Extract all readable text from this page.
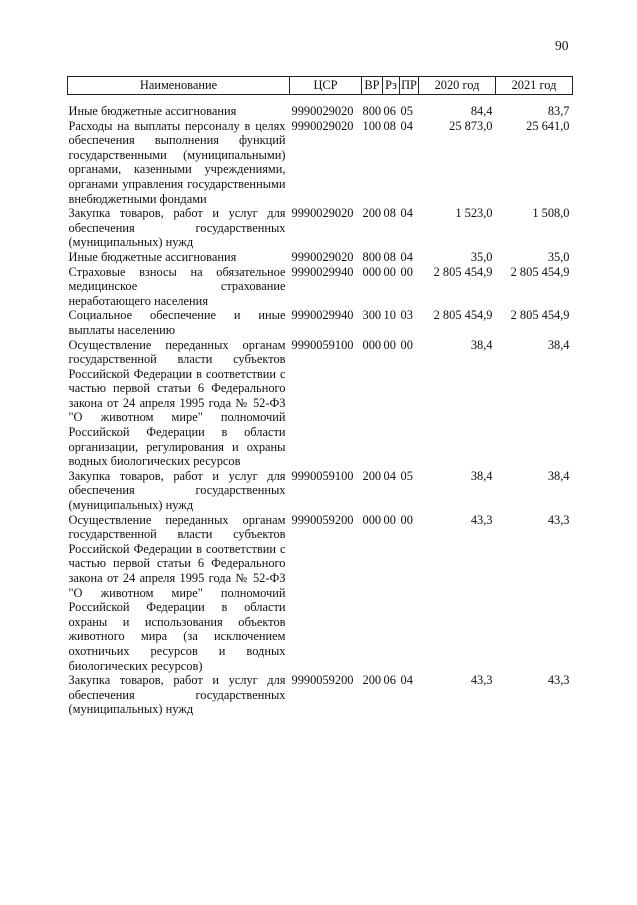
90
Наименование	ЦСР	ВР	Рз	ПР	2020 год	2021 год

Иные бюджетные ассигнования	9990029020	800	06	05	84,4	83,7
Расходы на выплаты персоналу в целях обеспечения выполнения функций государственными (муниципальными) органами, казенными учреждениями, органами управления государственными внебюджетными фондами	9990029020	100	08	04	25 873,0	25 641,0
Закупка товаров, работ и услуг для обеспечения государственных (муниципальных) нужд	9990029020	200	08	04	1 523,0	1 508,0
Иные бюджетные ассигнования	9990029020	800	08	04	35,0	35,0
Страховые взносы на обязательное медицинское страхование неработающего населения	9990029940	000	00	00	2 805 454,9	2 805 454,9
Социальное обеспечение и иные выплаты населению	9990029940	300	10	03	2 805 454,9	2 805 454,9
Осуществление переданных органам государственной власти субъектов Российской Федерации в соответствии с частью первой статьи 6 Федерального закона от 24 апреля 1995 года № 52-ФЗ "О животном мире" полномочий Российской Федерации в области организации, регулирования и охраны водных биологических ресурсов	9990059100	000	00	00	38,4	38,4
Закупка товаров, работ и услуг для обеспечения государственных (муниципальных) нужд	9990059100	200	04	05	38,4	38,4
Осуществление переданных органам государственной власти субъектов Российской Федерации в соответствии с частью первой статьи 6 Федерального закона от 24 апреля 1995 года № 52-ФЗ "О животном мире" полномочий Российской Федерации в области охраны и использования объектов животного мира (за исключением охотничьих ресурсов и водных биологических ресурсов)	9990059200	000	00	00	43,3	43,3
Закупка товаров, работ и услуг для обеспечения государственных (муниципальных) нужд	9990059200	200	06	04	43,3	43,3
